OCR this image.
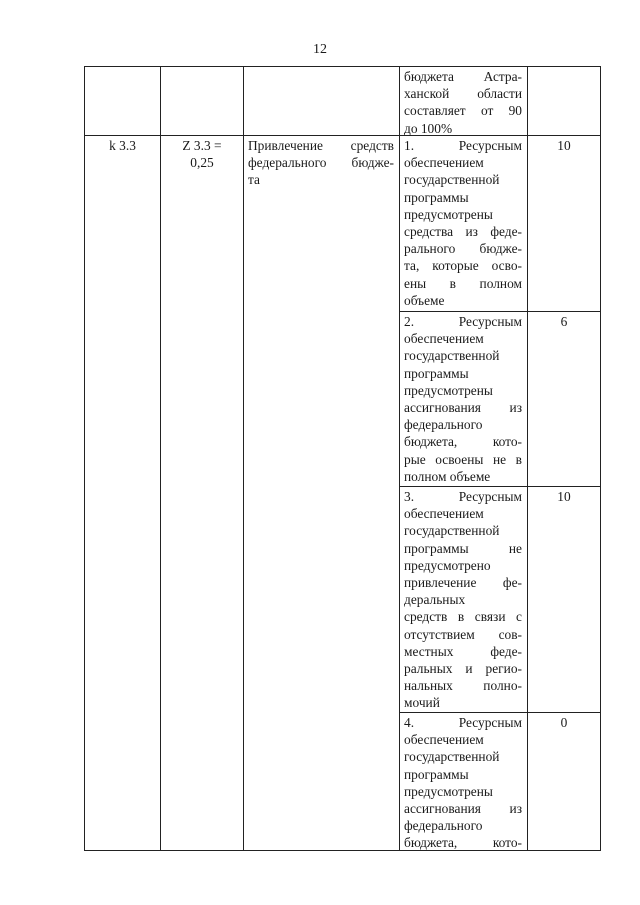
12
бюджета Астра-
ханской области
составляет от 90
до 100%
k 3.3	Z 3.3 =
0,25
Привлечение средств
федерального бюдже-
та
1. Ресурсным
обеспечением
государственной
программы
предусмотрены
средства из феде-
рального бюдже-
та, которые осво-
ены в полном
объеме
10
2. Ресурсным
обеспечением
государственной
программы
предусмотрены
ассигнования из
федерального
бюджета, кото-
рые освоены не в
полном объеме
6
3. Ресурсным
обеспечением
государственной
программы не
предусмотрено
привлечение фе-
деральных
средств в связи с
отсутствием сов-
местных феде-
ральных и регио-
нальных полно-
мочий
10
4. Ресурсным
обеспечением
государственной
программы
предусмотрены
ассигнования из
федерального
бюджета, кото-
0
